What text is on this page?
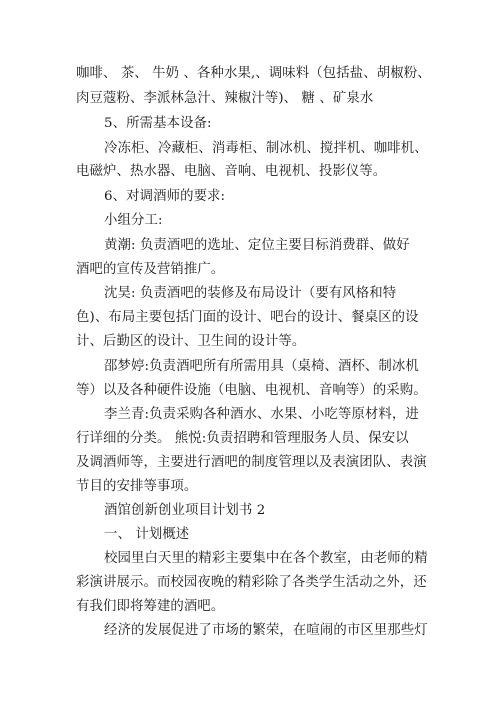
咖啡、 茶、 牛奶 、各种水果,、调味料（包括盐、胡椒粉、
肉豆蔻粉、李派林急汁、辣椒汁等)、 糖 、矿泉水
5、所需基本设备:
冷冻柜、冷藏柜、消毒柜、制冰机、搅拌机、咖啡机、
电磁炉、热水器、电脑、音响、电视机、投影仪等。
6、对调酒师的要求:
小组分工:
黄潮: 负责酒吧的选址、定位主要目标消费群、做好
酒吧的宣传及营销推广。
沈昊: 负责酒吧的装修及布局设计（要有风格和特
色)、布局主要包括门面的设计、吧台的设计、餐桌区的设
计、后勤区的设计、卫生间的设计等。
邵梦婷:负责酒吧所有所需用具（桌椅、酒杯、制冰机
等）以及各种硬件设施（电脑、电视机、音响等）的采购。
李兰青:负责采购各种酒水、水果、小吃等原材料，进
行详细的分类。 熊悦:负责招聘和管理服务人员、保安以
及调酒师等，主要进行酒吧的制度管理以及表演团队、表演
节目的安排等事项。
酒馆创新创业项目计划书 2
一、 计划概述
校园里白天里的精彩主要集中在各个教室，由老师的精
彩演讲展示。而校园夜晚的精彩除了各类学生活动之外，还
有我们即将筹建的酒吧。
经济的发展促进了市场的繁荣，在喧闹的市区里那些灯
